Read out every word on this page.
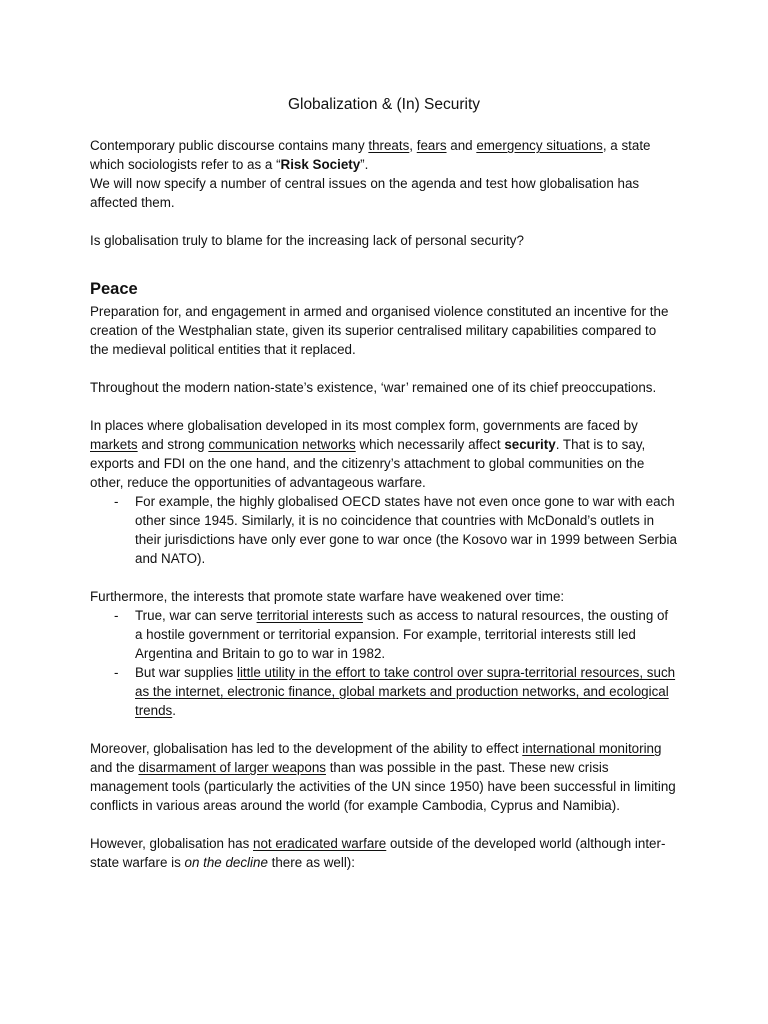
Globalization & (In) Security

Contemporary public discourse contains many threats, fears and emergency situations, a state which sociologists refer to as a “Risk Society”.

We will now specify a number of central issues on the agenda and test how globalisation has affected them.

Is globalisation truly to blame for the increasing lack of personal security?

Peace

Preparation for, and engagement in armed and organised violence constituted an incentive for the creation of the Westphalian state, given its superior centralised military capabilities compared to the medieval political entities that it replaced.

Throughout the modern nation-state’s existence, ‘war’ remained one of its chief preoccupations.

In places where globalisation developed in its most complex form, governments are faced by markets and strong communication networks which necessarily affect security. That is to say, exports and FDI on the one hand, and the citizenry’s attachment to global communities on the other, reduce the opportunities of advantageous warfare.

- For example, the highly globalised OECD states have not even once gone to war with each other since 1945. Similarly, it is no coincidence that countries with McDonald’s outlets in their jurisdictions have only ever gone to war once (the Kosovo war in 1999 between Serbia and NATO).

Furthermore, the interests that promote state warfare have weakened over time:

- True, war can serve territorial interests such as access to natural resources, the ousting of a hostile government or territorial expansion. For example, territorial interests still led Argentina and Britain to go to war in 1982.
- But war supplies little utility in the effort to take control over supra-territorial resources, such as the internet, electronic finance, global markets and production networks, and ecological trends.

Moreover, globalisation has led to the development of the ability to effect international monitoring and the disarmament of larger weapons than was possible in the past. These new crisis management tools (particularly the activities of the UN since 1950) have been successful in limiting conflicts in various areas around the world (for example Cambodia, Cyprus and Namibia).

However, globalisation has not eradicated warfare outside of the developed world (although inter-state warfare is on the decline there as well):
